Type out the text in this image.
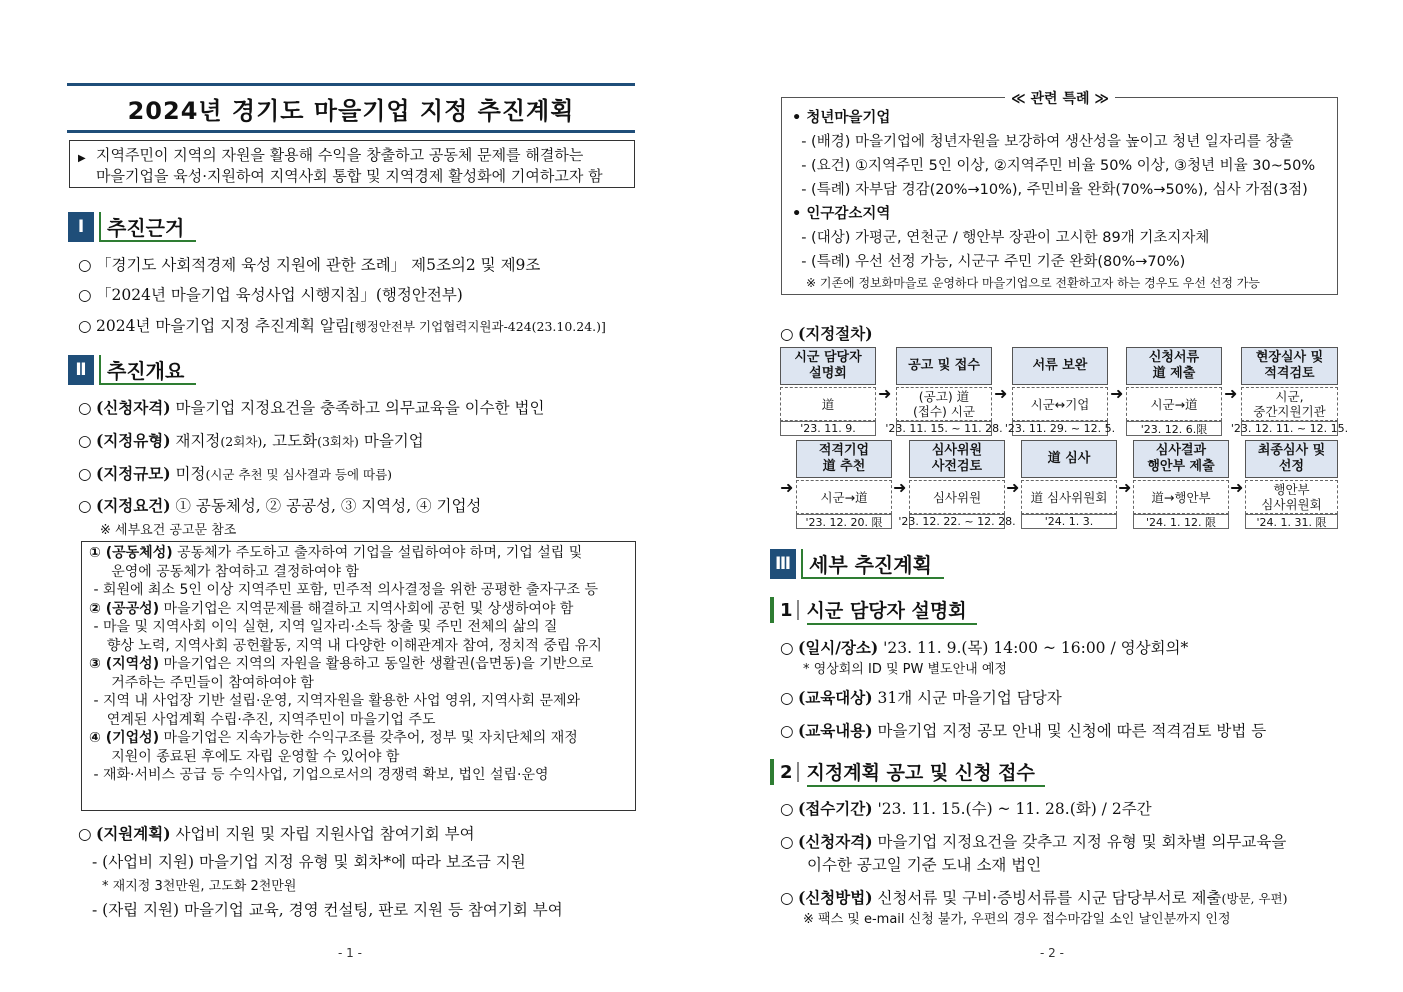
2024년 경기도 마을기업 지정 추진계획
▶ 지역주민이 지역의 자원을 활용해 수익을 창출하고 공동체 문제를 해결하는
마을기업을 육성·지원하여 지역사회 통합 및 지역경제 활성화에 기여하고자 함
Ⅰ	추진근거
○ 「경기도 사회적경제 육성 지원에 관한 조례」 제5조의2 및 제9조
○ 「2024년 마을기업 육성사업 시행지침」(행정안전부)
○ 2024년 마을기업 지정 추진계획 알림[행정안전부 기업협력지원과-424(23.10.24.)]
Ⅱ	추진개요
○ (신청자격) 마을기업 지정요건을 충족하고 의무교육을 이수한 법인
○ (지정유형) 재지정(2회차), 고도화(3회차) 마을기업
○ (지정규모) 미정(시군 추천 및 심사결과 등에 따름)
○ (지정요건) ① 공동체성, ② 공공성, ③ 지역성, ④ 기업성
※ 세부요건 공고문 참조
① (공동체성) 공동체가 주도하고 출자하여 기업을 설립하여야 하며, 기업 설립 및
운영에 공동체가 참여하고 결정하여야 함
- 회원에 최소 5인 이상 지역주민 포함, 민주적 의사결정을 위한 공평한 출자구조 등
② (공공성) 마을기업은 지역문제를 해결하고 지역사회에 공헌 및 상생하여야 함
- 마을 및 지역사회 이익 실현, 지역 일자리·소득 창출 및 주민 전체의 삶의 질
향상 노력, 지역사회 공헌활동, 지역 내 다양한 이해관계자 참여, 정치적 중립 유지
③ (지역성) 마을기업은 지역의 자원을 활용하고 동일한 생활권(읍면동)을 기반으로
거주하는 주민들이 참여하여야 함
- 지역 내 사업장 기반 설립·운영, 지역자원을 활용한 사업 영위, 지역사회 문제와
연계된 사업계획 수립·추진, 지역주민이 마을기업 주도
④ (기업성) 마을기업은 지속가능한 수익구조를 갖추어, 정부 및 자치단체의 재정
지원이 종료된 후에도 자립 운영할 수 있어야 함
- 재화·서비스 공급 등 수익사업, 기업으로서의 경쟁력 확보, 법인 설립·운영
○ (지원계획) 사업비 지원 및 자립 지원사업 참여기회 부여
- (사업비 지원) 마을기업 지정 유형 및 회차*에 따라 보조금 지원
* 재지정 3천만원, 고도화 2천만원
- (자립 지원) 마을기업 교육, 경영 컨설팅, 판로 지원 등 참여기회 부여
- 1 -
• 청년마을기업
- (배경) 마을기업에 청년자원을 보강하여 생산성을 높이고 청년 일자리를 창출
- (요건) ①지역주민 5인 이상, ②지역주민 비율 50% 이상, ③청년 비율 30~50%
- (특례) 자부담 경감(20%→10%), 주민비율 완화(70%→50%), 심사 가점(3점)
• 인구감소지역
- (대상) 가평군, 연천군 / 행안부 장관이 고시한 89개 기초지자체
- (특례) 우선 선정 가능, 시군구 주민 기준 완화(80%→70%)
※ 기존에 정보화마을로 운영하다 마을기업으로 전환하고자 하는 경우도 우선 선정 가능
≪ 관련 특례 ≫
○ (지정절차)
시군 담당자
설명회
道
'23. 11. 9.
➜
공고 및 접수
(공고) 道
(접수) 시군
'23. 11. 15. ~ 11. 28.
➜
서류 보완
시군↔기업
'23. 11. 29. ~ 12. 5.
➜
신청서류
道 제출
시군→道
'23. 12. 6.限
➜
현장실사 및
적격검토
시군,
중간지원기관
'23. 12. 11. ~ 12. 15.
➜
적격기업
道 추천
시군→道
'23. 12. 20. 限
➜
심사위원
사전검토
심사위원
'23. 12. 22. ~ 12. 28.
➜
道 심사
道 심사위원회
'24. 1. 3.
➜
심사결과
행안부 제출
道→행안부
'24. 1. 12. 限
➜
최종심사 및
선정
행안부
심사위원회
'24. 1. 31. 限
Ⅲ 세부 추진계획
1 시군 담당자 설명회
○ (일시/장소) '23. 11. 9.(목) 14:00 ~ 16:00 / 영상회의*
* 영상회의 ID 및 PW 별도안내 예정
○ (교육대상) 31개 시군 마을기업 담당자
○ (교육내용) 마을기업 지정 공모 안내 및 신청에 따른 적격검토 방법 등
2 지정계획 공고 및 신청 접수
○ (접수기간) '23. 11. 15.(수) ~ 11. 28.(화) / 2주간
○ (신청자격) 마을기업 지정요건을 갖추고 지정 유형 및 회차별 의무교육을
이수한 공고일 기준 도내 소재 법인
○ (신청방법) 신청서류 및 구비·증빙서류를 시군 담당부서로 제출(방문, 우편)
※ 팩스 및 e-mail 신청 불가, 우편의 경우 접수마감일 소인 날인분까지 인정
- 2 -
